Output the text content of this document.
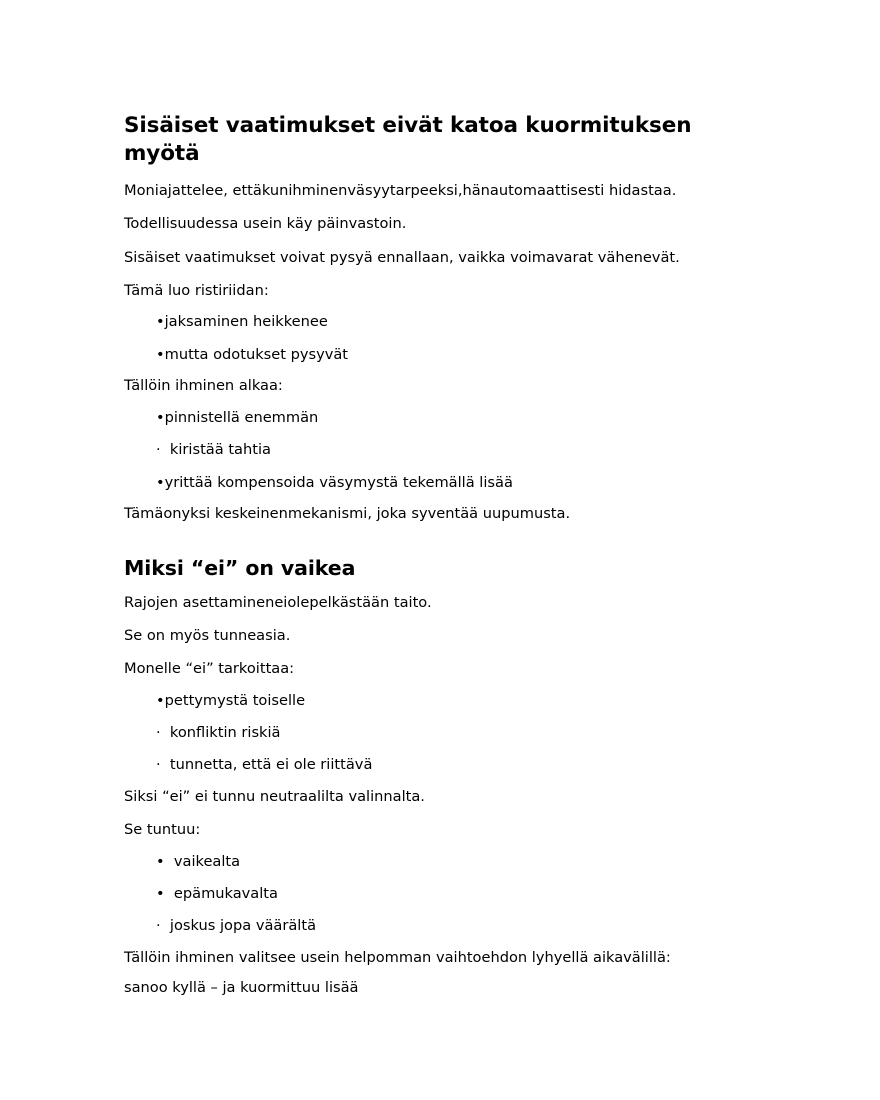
Sisäiset vaatimukset eivät katoa kuormituksen myötä

Moniajattelee, ettäkunihminenväsyytarpeeksi,hänautomaattisesti hidastaa.

Todellisuudessa usein käy päinvastoin.

Sisäiset vaatimukset voivat pysyä ennallaan, vaikka voimavarat vähenevät.

Tämä luo ristiriidan:

•jaksaminen heikkenee
•mutta odotukset pysyvät

Tällöin ihminen alkaa:

•pinnistellä enemmän
·  kiristää tahtia
•yrittää kompensoida väsymystä tekemällä lisää

Tämäonyksi keskeinenmekanismi, joka syventää uupumusta.

Miksi “ei” on vaikea

Rajojen asettamineneiolepelkästään taito.

Se on myös tunneasia.

Monelle “ei” tarkoittaa:

•pettymystä toiselle
·  konfliktin riskiä
·  tunnetta, että ei ole riittävä

Siksi “ei” ei tunnu neutraalilta valinnalta.

Se tuntuu:

•  vaikealta
•  epämukavalta
·  joskus jopa väärältä

Tällöin ihminen valitsee usein helpomman vaihtoehdon lyhyellä aikavälillä:

sanoo kyllä – ja kuormittuu lisää
